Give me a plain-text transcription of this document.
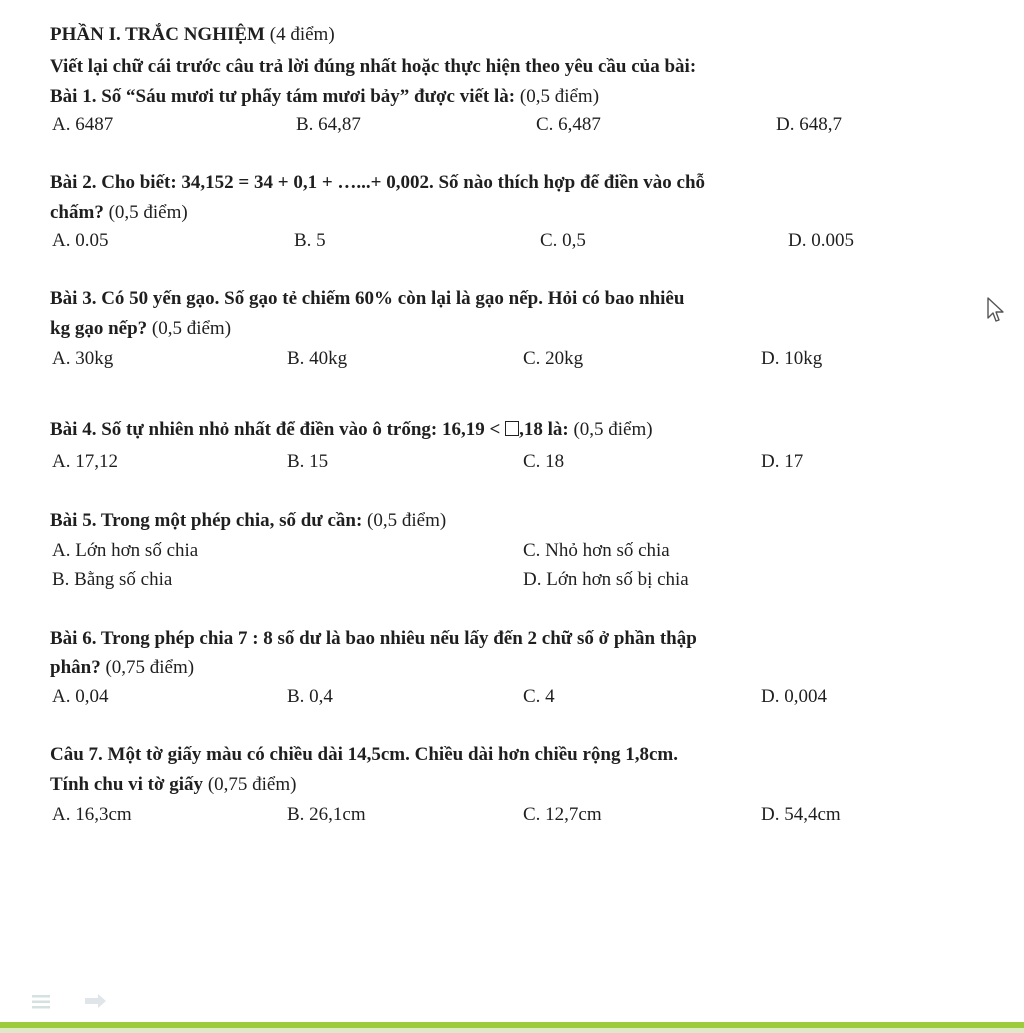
PHẦN I. TRẮC NGHIỆM (4 điểm)
Viết lại chữ cái trước câu trả lời đúng nhất hoặc thực hiện theo yêu cầu của bài:
Bài 1. Số “Sáu mươi tư phẩy tám mươi bảy” được viết là: (0,5 điểm)
A. 6487	B. 64,87	C. 6,487	D. 648,7
Bài 2. Cho biết: 34,152 = 34 + 0,1 + …...+ 0,002. Số nào thích hợp để điền vào chỗ
chấm? (0,5 điểm)
A. 0.05	B. 5	C. 0,5	D. 0.005
Bài 3. Có 50 yến gạo. Số gạo tẻ chiếm 60% còn lại là gạo nếp. Hỏi có bao nhiêu
kg gạo nếp? (0,5 điểm)
A. 30kg	B. 40kg	C. 20kg	D. 10kg
Bài 4. Số tự nhiên nhỏ nhất để điền vào ô trống: 16,19 < ,18 là: (0,5 điểm)
A. 17,12	B. 15	C. 18	D. 17
Bài 5. Trong một phép chia, số dư cần: (0,5 điểm)
A. Lớn hơn số chia	C. Nhỏ hơn số chia
B. Bằng số chia	D. Lớn hơn số bị chia
Bài 6. Trong phép chia 7 : 8 số dư là bao nhiêu nếu lấy đến 2 chữ số ở phần thập
phân? (0,75 điểm)
A. 0,04	B. 0,4	C. 4	D. 0,004
Câu 7. Một tờ giấy màu có chiều dài 14,5cm. Chiều dài hơn chiều rộng 1,8cm.
Tính chu vi tờ giấy (0,75 điểm)
A. 16,3cm	B. 26,1cm	C. 12,7cm	D. 54,4cm
